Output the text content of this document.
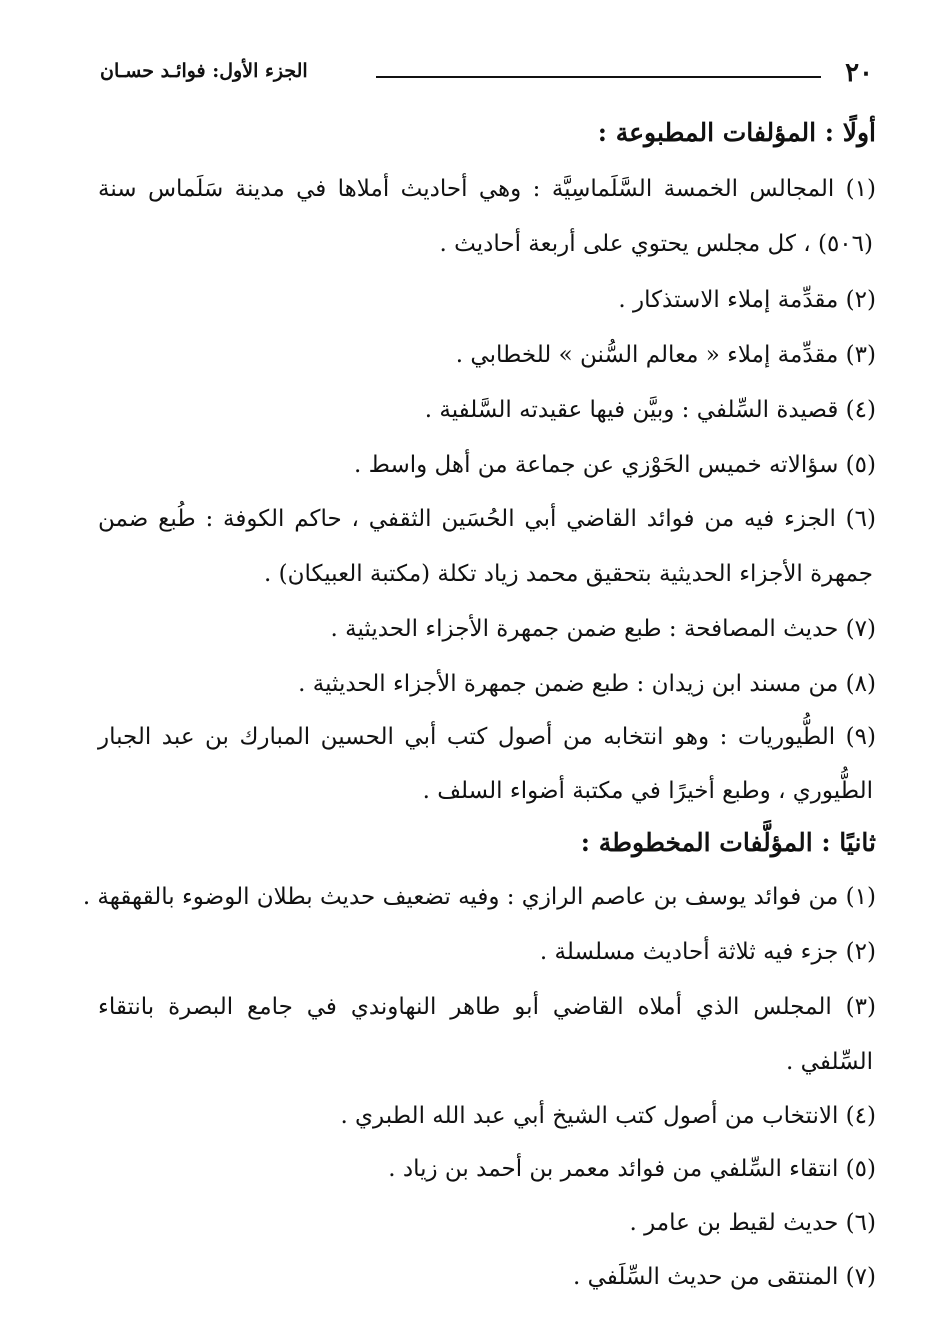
٢٠
الجزء الأول: فوائـد حسـان
أولًا : المؤلفات المطبوعة :
(١) المجالس الخمسة السَّلَماسِيَّة : وهي أحاديث أملاها في مدينة سَلَماس سنة
(٥٠٦) ، كل مجلس يحتوي على أربعة أحاديث .
(٢) مقدِّمة إملاء الاستذكار .
(٣) مقدِّمة إملاء « معالم السُّنن » للخطابي .
(٤) قصيدة السِّلفي : وبيَّن فيها عقيدته السَّلفية .
(٥) سؤالاته خميس الحَوْزي عن جماعة من أهل واسط .
(٦) الجزء فيه من فوائد القاضي أبي الحُسَين الثقفي ، حاكم الكوفة : طُبع ضمن
جمهرة الأجزاء الحديثية بتحقيق محمد زياد تكلة (مكتبة العبيكان) .
(٧) حديث المصافحة : طبع ضمن جمهرة الأجزاء الحديثية .
(٨) من مسند ابن زيدان : طبع ضمن جمهرة الأجزاء الحديثية .
(٩) الطُّيوريات : وهو انتخابه من أصول كتب أبي الحسين المبارك بن عبد الجبار
الطُّيوري ، وطبع أخيرًا في مكتبة أضواء السلف .
ثانيًا : المؤلَّفات المخطوطة :
(١) من فوائد يوسف بن عاصم الرازي : وفيه تضعيف حديث بطلان الوضوء بالقهقهة .
(٢) جزء فيه ثلاثة أحاديث مسلسلة .
(٣) المجلس الذي أملاه القاضي أبو طاهر النهاوندي في جامع البصرة بانتقاء
السِّلفي .
(٤) الانتخاب من أصول كتب الشيخ أبي عبد الله الطبري .
(٥) انتقاء السِّلفي من فوائد معمر بن أحمد بن زياد .
(٦) حديث لقيط بن عامر .
(٧) المنتقى من حديث السِّلَفي .
